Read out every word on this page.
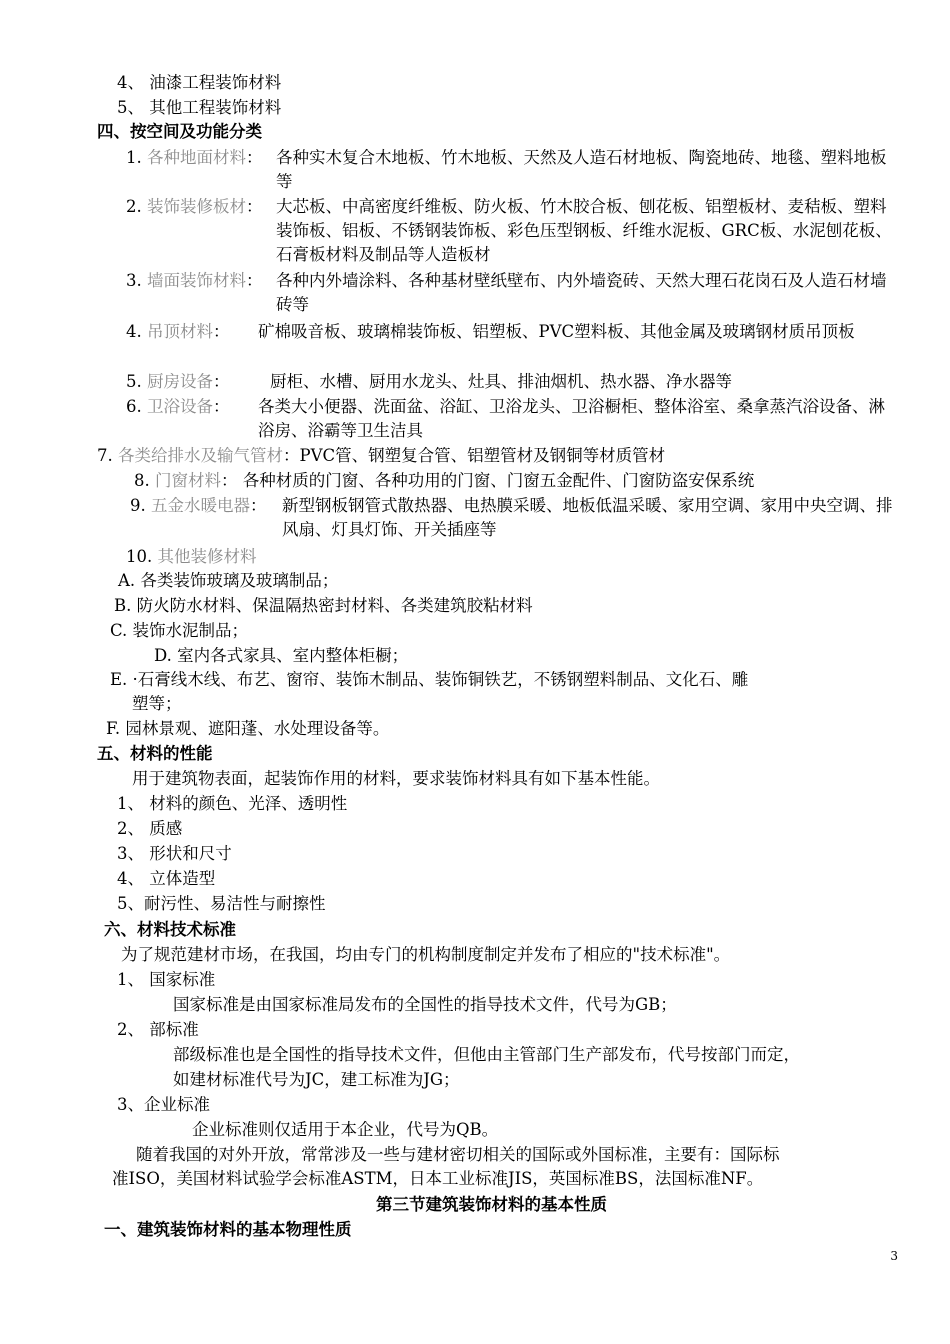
4、 油漆工程装饰材料
5、 其他工程装饰材料
四、按空间及功能分类
1. 各种地面材料： 各种实木复合木地板、竹木地板、天然及人造石材地板、陶瓷地砖、地毯、塑料地板等
2. 装饰装修板材： 大芯板、中高密度纤维板、防火板、竹木胶合板、刨花板、铝塑板材、麦秸板、塑料装饰板、铝板、不锈钢装饰板、彩色压型钢板、纤维水泥板、GRC板、水泥刨花板、石膏板材料及制品等人造板材
3. 墙面装饰材料： 各种内外墙涂料、各种基材壁纸壁布、内外墙瓷砖、天然大理石花岗石及人造石材墙砖等
4. 吊顶材料： 矿棉吸音板、玻璃棉装饰板、铝塑板、PVC塑料板、其他金属及玻璃钢材质吊顶板
5. 厨房设备： 厨柜、水槽、厨用水龙头、灶具、排油烟机、热水器、净水器等
6. 卫浴设备： 各类大小便器、洗面盆、浴缸、卫浴龙头、卫浴橱柜、整体浴室、桑拿蒸汽浴设备、淋浴房、浴霸等卫生洁具
7. 各类给排水及输气管材：PVC管、钢塑复合管、铝塑管材及钢铜等材质管材
8. 门窗材料： 各种材质的门窗、各种功用的门窗、门窗五金配件、门窗防盗安保系统
9. 五金水暖电器： 新型钢板钢管式散热器、电热膜采暖、地板低温采暖、家用空调、家用中央空调、排风扇、灯具灯饰、开关插座等
10. 其他装修材料
A. 各类装饰玻璃及玻璃制品；
B. 防火防水材料、保温隔热密封材料、各类建筑胶粘材料
C. 装饰水泥制品；
D. 室内各式家具、室内整体柜橱；
E. ·石膏线木线、布艺、窗帘、装饰木制品、装饰铜铁艺，不锈钢塑料制品、文化石、雕
塑等；
F. 园林景观、遮阳蓬、水处理设备等。
五、材料的性能
用于建筑物表面，起装饰作用的材料，要求装饰材料具有如下基本性能。
1、 材料的颜色、光泽、透明性
2、 质感
3、 形状和尺寸
4、 立体造型
5、耐污性、易洁性与耐擦性
六、材料技术标准
为了规范建材市场，在我国，均由专门的机构制度制定并发布了相应的"技术标准"。
1、 国家标准
国家标准是由国家标准局发布的全国性的指导技术文件，代号为GB；
2、 部标准
部级标准也是全国性的指导技术文件，但他由主管部门生产部发布，代号按部门而定，
如建材标准代号为JC，建工标准为JG；
3、企业标准
企业标准则仅适用于本企业，代号为QB。
随着我国的对外开放，常常涉及一些与建材密切相关的国际或外国标准，主要有：国际标
准ISO，美国材料试验学会标准ASTM，日本工业标准JIS，英国标准BS，法国标准NF。
第三节建筑装饰材料的基本性质
一、建筑装饰材料的基本物理性质
3
